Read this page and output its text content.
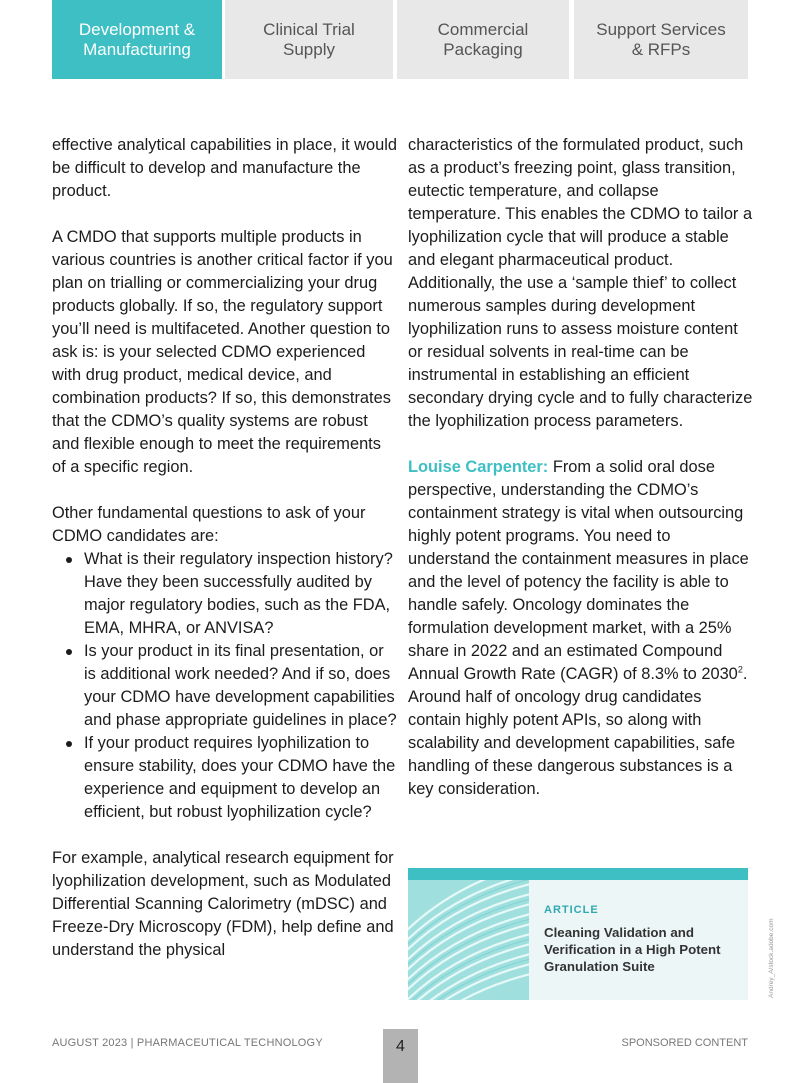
Development &
Manufacturing
Clinical Trial
Supply
Commercial
Packaging
Support Services
& RFPs

effective analytical capabilities in place, it would be difficult to develop and manufacture the product.

A CMDO that supports multiple products in various countries is another critical factor if you plan on trialling or commercializing your drug products globally. If so, the regulatory support you’ll need is multifaceted. Another question to ask is: is your selected CDMO experienced with drug product, medical device, and combination products? If so, this demonstrates that the CDMO’s quality systems are robust and flexible enough to meet the requirements of a specific region.

Other fundamental questions to ask of your CDMO candidates are:

What is their regulatory inspection history? Have they been successfully audited by major regulatory bodies, such as the FDA, EMA, MHRA, or ANVISA?
Is your product in its final presentation, or is additional work needed? And if so, does your CDMO have development capabilities and phase appropriate guidelines in place?
If your product requires lyophilization to ensure stability, does your CDMO have the experience and equipment to develop an efficient, but robust lyophilization cycle?

For example, analytical research equipment for lyophilization development, such as Modulated Differential Scanning Calorimetry (mDSC) and Freeze-Dry Microscopy (FDM), help define and understand the physical

characteristics of the formulated product, such as a product’s freezing point, glass transition, eutectic temperature, and collapse temperature. This enables the CDMO to tailor a lyophilization cycle that will produce a stable and elegant pharmaceutical product. Additionally, the use a ‘sample thief’ to collect numerous samples during development lyophilization runs to assess moisture content or residual solvents in real-time can be instrumental in establishing an efficient secondary drying cycle and to fully characterize the lyophilization process parameters.

Louise Carpenter: From a solid oral dose perspective, understanding the CDMO’s containment strategy is vital when outsourcing highly potent programs. You need to understand the containment measures in place and the level of potency the facility is able to handle safely. Oncology dominates the formulation development market, with a 25% share in 2022 and an estimated Compound Annual Growth Rate (CAGR) of 8.3% to 2030$^2$. Around half of oncology drug candidates contain highly potent APIs, so along with scalability and development capabilities, safe handling of these dangerous substances is a key consideration.

ARTICLE
Cleaning Validation and Verification in a High Potent Granulation Suite	Andrey_A/stock.adobe.com
AUGUST 2023 | PHARMACEUTICAL TECHNOLOGY	4	SPONSORED CONTENT
